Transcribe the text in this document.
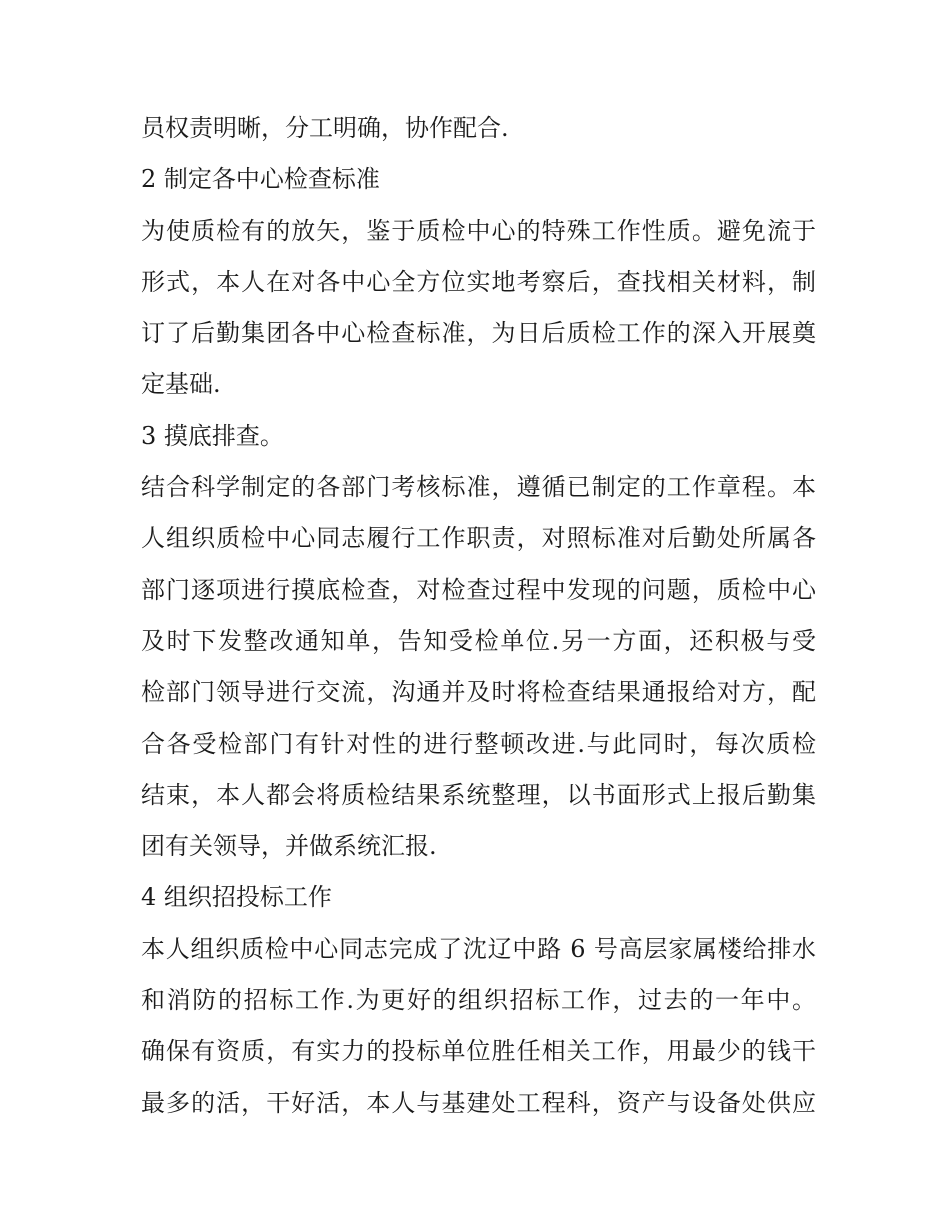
员权责明晰，分工明确，协作配合.
2 制定各中心检查标准
为使质检有的放矢，鉴于质检中心的特殊工作性质。避免流于
形式，本人在对各中心全方位实地考察后，查找相关材料，制
订了后勤集团各中心检查标准，为日后质检工作的深入开展奠
定基础.
3 摸底排查。
结合科学制定的各部门考核标准，遵循已制定的工作章程。本
人组织质检中心同志履行工作职责，对照标准对后勤处所属各
部门逐项进行摸底检查，对检查过程中发现的问题，质检中心
及时下发整改通知单，告知受检单位.另一方面，还积极与受
检部门领导进行交流，沟通并及时将检查结果通报给对方，配
合各受检部门有针对性的进行整顿改进.与此同时，每次质检
结束，本人都会将质检结果系统整理，以书面形式上报后勤集
团有关领导，并做系统汇报.
4 组织招投标工作
本人组织质检中心同志完成了沈辽中路 6 号高层家属楼给排水
和消防的招标工作.为更好的组织招标工作，过去的一年中。
确保有资质，有实力的投标单位胜任相关工作，用最少的钱干
最多的活，干好活，本人与基建处工程科，资产与设备处供应
